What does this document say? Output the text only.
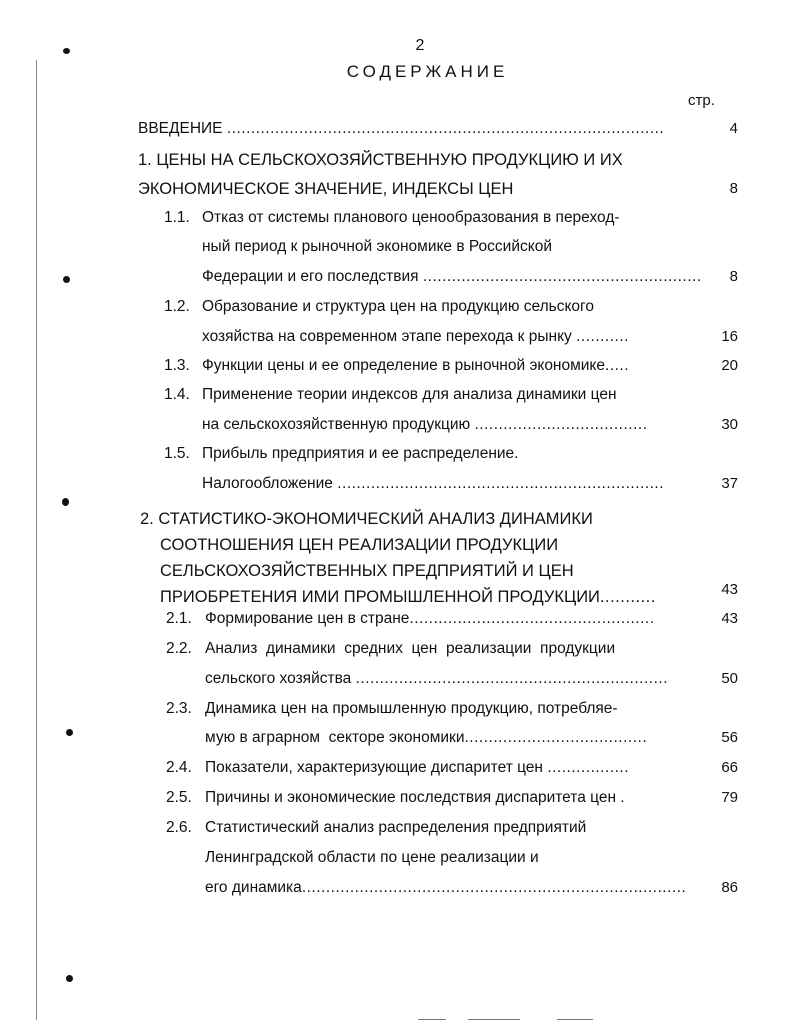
2
СОДЕРЖАНИЕ
стр.
ВВЕДЕНИЕ ...........................................................................................	4
1. ЦЕНЫ НА СЕЛЬСКОХОЗЯЙСТВЕННУЮ ПРОДУКЦИЮ И ИХ
ЭКОНОМИЧЕСКОЕ ЗНАЧЕНИЕ, ИНДЕКСЫ ЦЕН	8
1.1. Отказ от системы планового ценообразования в переход-
ный период к рыночной экономике в Российской
Федерации и его последствия ..........................................................	8
1.2. Образование и структура цен на продукцию сельского
хозяйства на современном этапе перехода к рынку ...........	16
1.3. Функции цены и ее определение в рыночной экономике.....	20
1.4. Применение теории индексов для анализа динамики цен
на сельскохозяйственную продукцию ....................................	30
1.5. Прибыль предприятия и ее распределение.
Налогообложение ....................................................................	37
2. СТАТИСТИКО-ЭКОНОМИЧЕСКИЙ АНАЛИЗ ДИНАМИКИ
СООТНОШЕНИЯ ЦЕН РЕАЛИЗАЦИИ ПРОДУКЦИИ
СЕЛЬСКОХОЗЯЙСТВЕННЫХ ПРЕДПРИЯТИЙ И ЦЕН
ПРИОБРЕТЕНИЯ ИМИ ПРОМЫШЛЕННОЙ ПРОДУКЦИИ...........	43
2.1. Формирование цен в стране...................................................	43
2.2. Анализ  динамики  средних  цен  реализации  продукции
сельского хозяйства .................................................................	50
2.3. Динамика цен на промышленную продукцию, потребляе-
мую в аграрном  секторе экономики......................................	56
2.4. Показатели, характеризующие диспаритет цен .................	66
2.5. Причины и экономические последствия диспаритета цен .	79
2.6. Статистический анализ распределения предприятий
Ленинградской области по цене реализации и
его динамика................................................................................	86
